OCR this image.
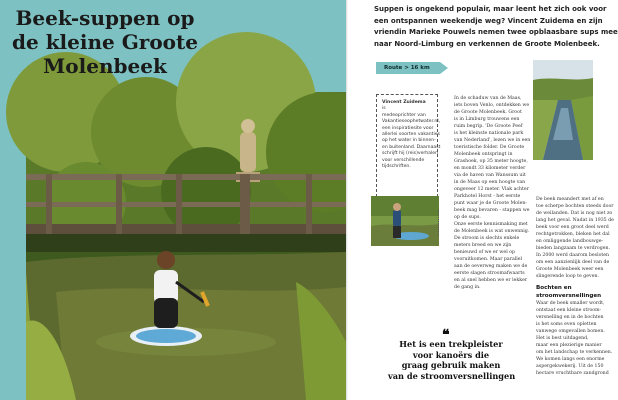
Beek-suppen op
de kleine Groote
Molenbeek
Suppen is ongekend populair, maar leent het zich ook voor
een ontspannen weekendje weg? Vincent Zuidema en zijn
vriendin Marieke Pouwels nemen twee opblaasbare sups mee
naar Noord-Limburg en verkennen de Groote Molenbeek.
Route > 16 km
Vincent Zuidema
is
medeoprichter van
Vakantieseophetwater.nl,
een inspiratiesite voor
allerlei soorten vakanties
op het water in binnen-
en buitenland. Daarnaast
schrijft hij (reis)verhalen
voor verschillende
tijdschriften.
In de schaduw van de Maas,
iets boven Venlo, ontdekken we
de Groote Molenbeek. Groot
is in Limburg trouwens een
ruim begrip. 'De Groote Peel'
is het kleinste nationale park
van Nederland', lezen we in een
toeristische folder. De Groote
Molenbeek ontspringt in
Grashoek, op 35 meter hoogte,
en mondt 33 kilometer verder
via de haven van Wanssum uit
in de Maas op een hoogte van
ongeveer 12 meter. Vlak achter
Parkhotel Horst - het eerste
punt waar je de Groote Molen-
beek mag bevaren - stappen we
op de sups.
Onze eerste kennismaking met
de Molenbeek is wat onwennig.
De stroom is slechts enkele
meters breed en we zijn
benieuwd of we er wel op
vooruitkomen. Maar parallel
aan de oeverweg maken we de
eerste slagen stroomafwaarts
en al snel hebben we er lekker
de gang in.
De beek meandert met af en
toe scherpe bochten steeds door
de weilanden. Dat is nog niet zo
lang het geval. Nadat in 1935 de
beek voor een groot deel werd
rechtgetrokken, bleken het dal
en omliggende landbouwge-
bieden langzaam te verdrogen.
In 2000 werd daarom besloten
om een aanzienlijk deel van de
Groote Molenbeek weer een
slingerende loop te geven.
Bochten en
stroomversnellingen
Waar de beek smaller wordt,
ontstaat een kleine stroom-
versnelling en in de bochten
is het soms even opletten
vanwege omgevallen bomen.
Het is best uitdagend,
maar een plezierige manier
om het landschap te verkennen.
We komen langs een enorme
aspergekwekerij. Uit de 150
hectare vruchtbare zandgrond
❝
Het is een trekpleister
voor kanoërs die
graag gebruik maken
van de stroomversnellingen
